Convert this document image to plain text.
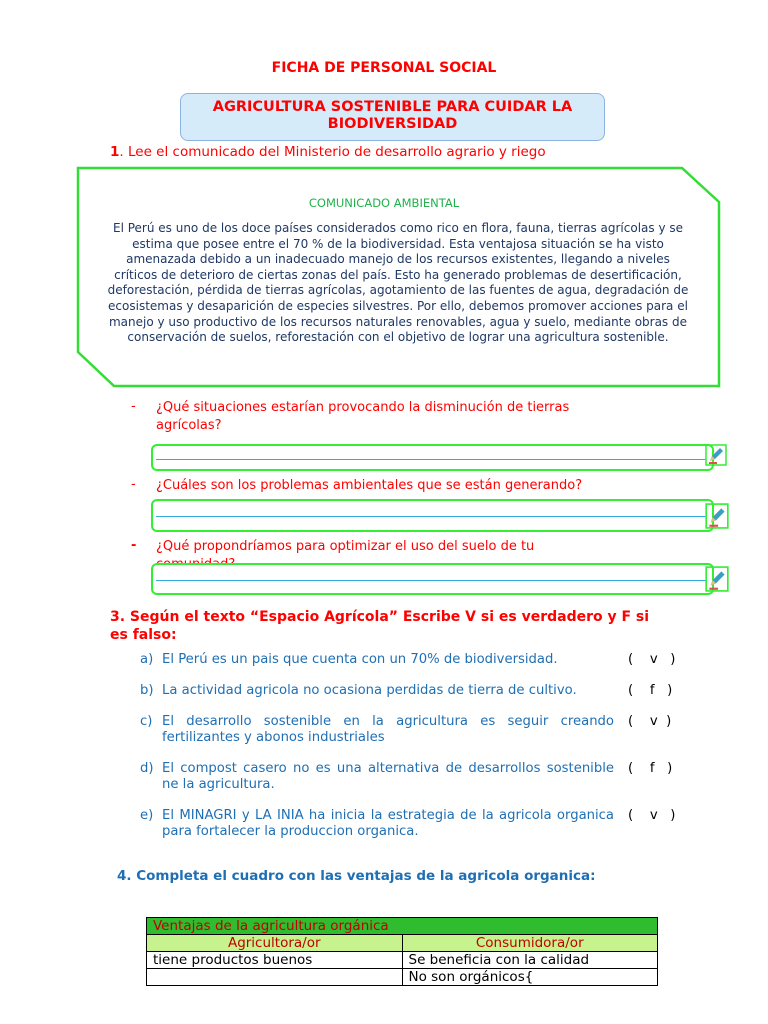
FICHA DE PERSONAL SOCIAL
AGRICULTURA SOSTENIBLE PARA CUIDAR LA BIODIVERSIDAD
1. Lee el comunicado del Ministerio de desarrollo agrario y riego
COMUNICADO AMBIENTAL
El Perú es uno de los doce países considerados como rico en flora, fauna, tierras agrícolas y se estima que posee entre el 70 % de la biodiversidad. Esta ventajosa situación se ha visto amenazada debido a un inadecuado manejo de los recursos existentes, llegando a niveles críticos de deterioro de ciertas zonas del país. Esto ha generado problemas de desertificación, deforestación, pérdida de tierras agrícolas, agotamiento de las fuentes de agua, degradación de ecosistemas y desaparición de especies silvestres. Por ello, debemos promover acciones para el manejo y uso productivo de los recursos naturales renovables, agua y suelo, mediante obras de conservación de suelos, reforestación con el objetivo de lograr una agricultura sostenible.
- ¿Qué situaciones estarían provocando la disminución de tierras agrícolas?
- ¿Cuáles son los problemas ambientales que se están generando?
- ¿Qué propondríamos para optimizar el uso del suelo de tu
3. Según el texto “Espacio Agrícola” Escribe V si es verdadero y F si es falso:
a) El Perú es un pais que cuenta con un 70% de biodiversidad.	(    v   )
b) La actividad agricola no ocasiona perdidas de tierra de cultivo.	(    f   )
c) El desarrollo sostenible en la agricultura es seguir creando fertilizantes y abonos industriales
(    v  )
d) El compost casero no es una alternativa de desarrollos sostenible ne la agricultura.
(    f   )
e) El MINAGRI y LA INIA ha inicia la estrategia de la agricola organica para fortalecer la produccion organica.
(    v   )
4. Completa el cuadro con las ventajas de la agricola organica:
Ventajas de la agricultura orgánica	
Agricultora/or	Consumidora/or
tiene productos buenos	Se beneficia con la calidad
	No son orgánicos{
